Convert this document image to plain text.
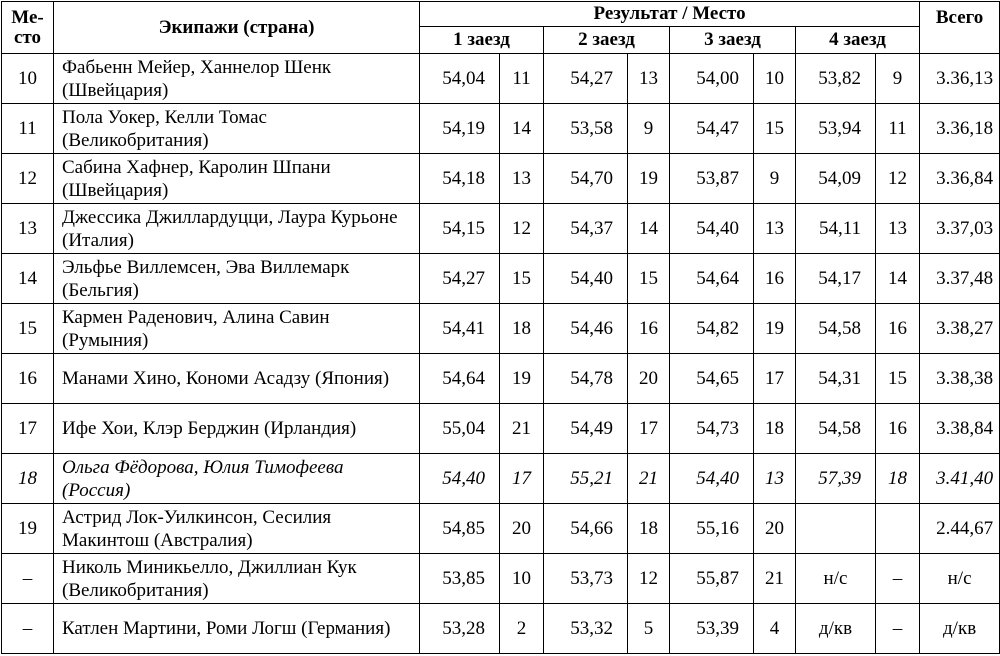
Ме-сто	Экипажи (страна)	Результат / Место								Всего
		1 заезд		2 заезд		3 заезд		4 заезд		
10	Фабьенн Мейер, Ханнелор Шенк (Швейцария)	54,04	11	54,27	13	54,00	10	53,82	9	3.36,13
11	Пола Уокер, Келли Томас (Великобритания)	54,19	14	53,58	9	54,47	15	53,94	11	3.36,18
12	Сабина Хафнер, Каролин Шпани (Швейцария)	54,18	13	54,70	19	53,87	9	54,09	12	3.36,84
13	Джессика Джиллардуцци, Лаура Курьоне (Италия)	54,15	12	54,37	14	54,40	13	54,11	13	3.37,03
14	Эльфье Виллемсен, Эва Виллемарк (Бельгия)	54,27	15	54,40	15	54,64	16	54,17	14	3.37,48
15	Кармен Раденович, Алина Савин (Румыния)	54,41	18	54,46	16	54,82	19	54,58	16	3.38,27
16	Манами Хино, Кономи Асадзу (Япония)	54,64	19	54,78	20	54,65	17	54,31	15	3.38,38
17	Ифе Хои, Клэр Берджин (Ирландия)	55,04	21	54,49	17	54,73	18	54,58	16	3.38,84
18	Ольга Фёдорова, Юлия Тимофеева (Россия)	54,40	17	55,21	21	54,40	13	57,39	18	3.41,40
19	Астрид Лок-Уилкинсон, Сесилия Макинтош (Австралия)	54,85	20	54,66	18	55,16	20			2.44,67
–	Николь Миникьелло, Джиллиан Кук (Великобритания)	53,85	10	53,73	12	55,87	21	н/с	–	н/с
–	Катлен Мартини, Роми Логш (Германия)	53,28	2	53,32	5	53,39	4	д/кв	–	д/кв
